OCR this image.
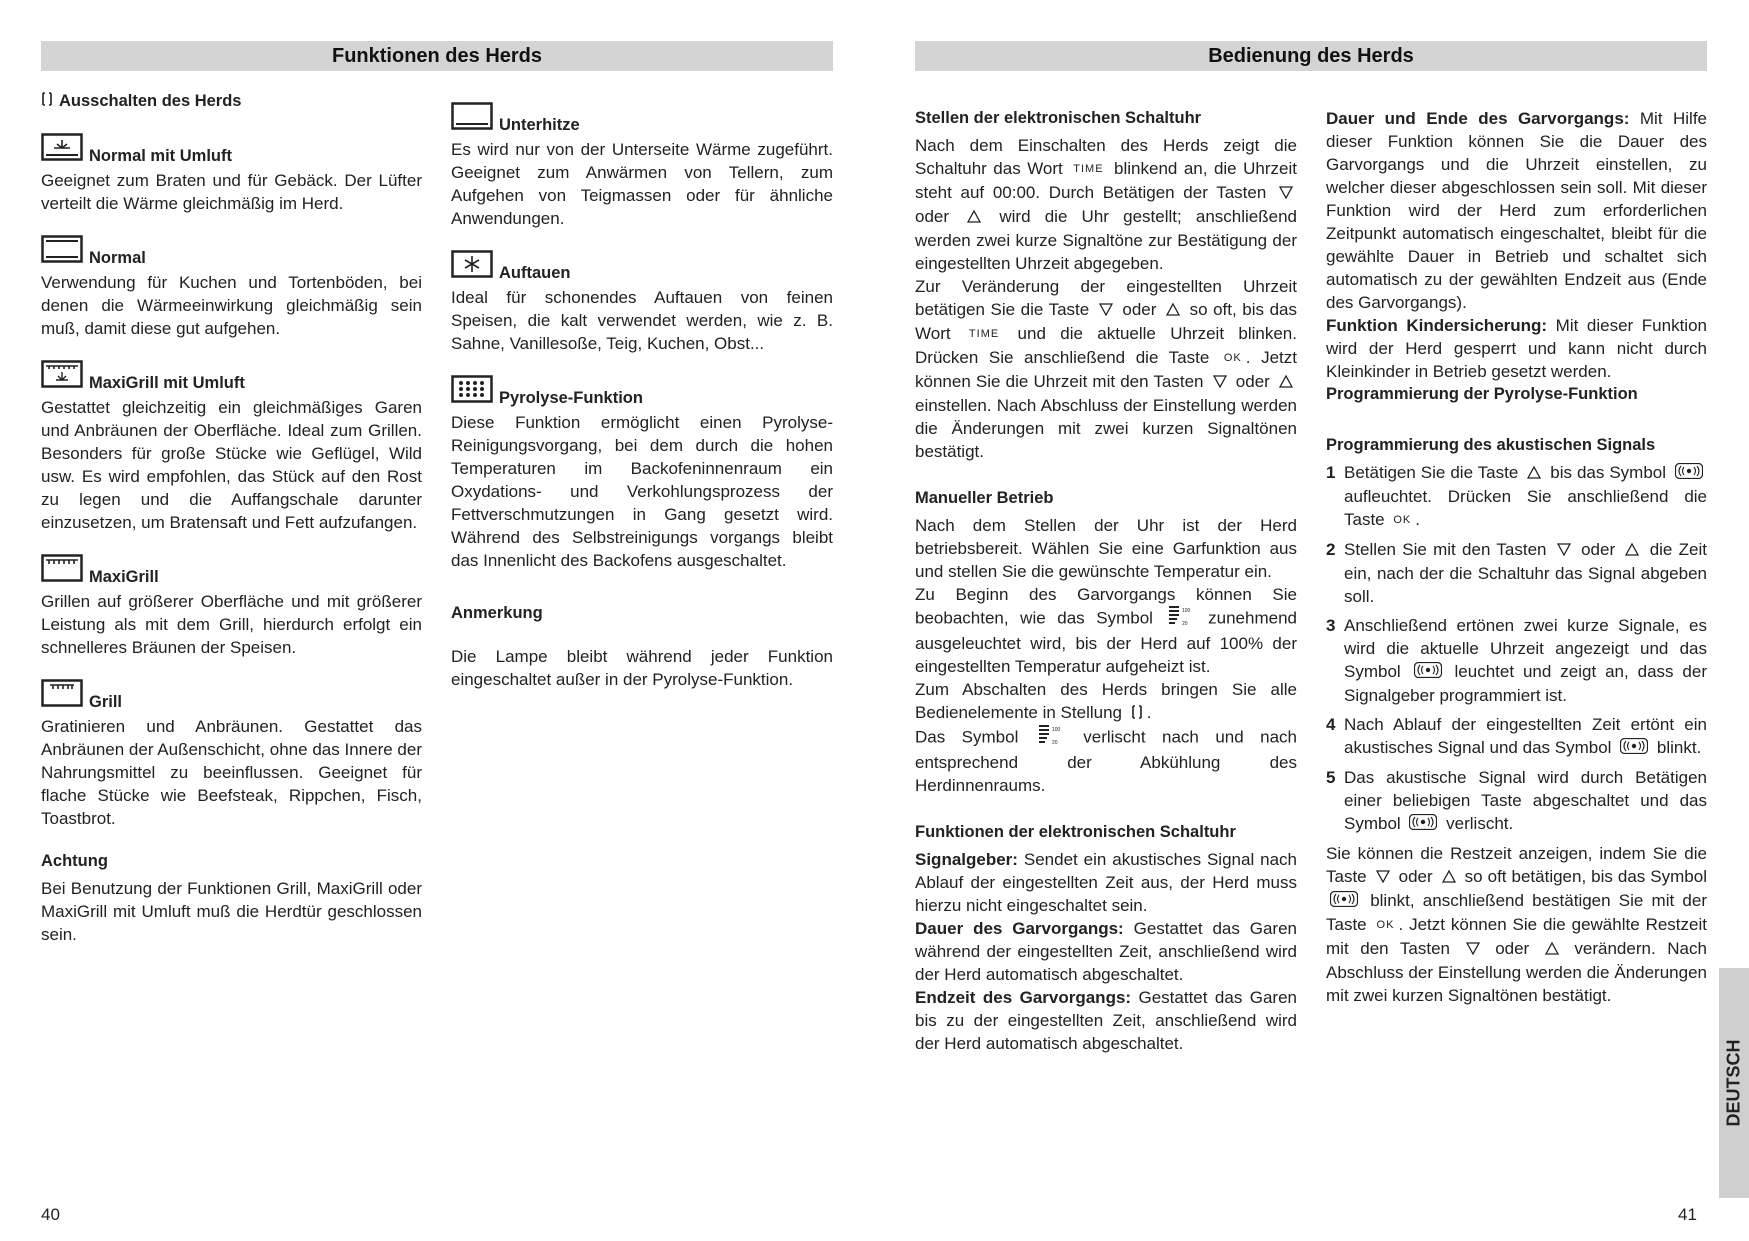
Funktionen des Herds
Ausschalten des Herds
Normal mit Umluft

Geeignet zum Braten und für Gebäck. Der Lüfter verteilt die Wärme gleichmäßig im Herd.

Normal

Verwendung für Kuchen und Tortenböden, bei denen die Wärmeeinwirkung gleichmäßig sein muß, damit diese gut aufgehen.

MaxiGrill mit Umluft

Gestattet gleichzeitig ein gleichmäßiges Garen und Anbräunen der Oberfläche. Ideal zum Grillen. Besonders für große Stücke wie Geflügel, Wild usw. Es wird empfohlen, das Stück auf den Rost zu legen und die Auffangschale darunter einzusetzen, um Bratensaft und Fett aufzufangen.

MaxiGrill

Grillen auf größerer Oberfläche und mit größerer Leistung als mit dem Grill, hierdurch erfolgt ein schnelleres Bräunen der Speisen.

Grill

Gratinieren und Anbräunen. Gestattet das Anbräunen der Außenschicht, ohne das Innere der Nahrungsmittel zu beeinflussen. Geeignet für flache Stücke wie Beefsteak, Rippchen, Fisch, Toastbrot.

Achtung

Bei Benutzung der Funktionen Grill, MaxiGrill oder MaxiGrill mit Umluft muß die Herdtür geschlossen sein.

Unterhitze

Es wird nur von der Unterseite Wärme zugeführt. Geeignet zum Anwärmen von Tellern, zum Aufgehen von Teigmassen oder für ähnliche Anwendungen.

Auftauen

Ideal für schonendes Auftauen von feinen Speisen, die kalt verwendet werden, wie z. B. Sahne, Vanillesoße, Teig, Kuchen, Obst...

Pyrolyse-Funktion

Diese Funktion ermöglicht einen Pyrolyse-Reinigungsvorgang, bei dem durch die hohen Temperaturen im Backofeninnenraum ein Oxydations- und Verkohlungsprozess der Fettverschmutzungen in Gang gesetzt wird. Während des Selbstreinigungs vorgangs bleibt das Innenlicht des Backofens ausgeschaltet.

Anmerkung

Die Lampe bleibt während jeder Funktion eingeschaltet außer in der Pyrolyse-Funktion.

40
Bedienung des Herds
Stellen der elektronischen Schaltuhr

Nach dem Einschalten des Herds zeigt die Schaltuhr das Wort TIME blinkend an, die Uhrzeit steht auf 00:00. Durch Betätigen der Tasten  oder	wird die Uhr gestellt; anschließend werden zwei kurze Signaltöne zur Bestätigung der eingestellten Uhrzeit abgegeben.

Zur Veränderung der eingestellten Uhrzeit betätigen Sie die Taste oder so oft, bis das Wort TIME und die aktuelle Uhrzeit blinken. Drücken Sie anschließend die Taste OK . Jetzt können Sie die Uhrzeit mit den Tasten oder  einstellen. Nach Abschluss der Einstellung werden die Änderungen mit zwei kurzen Signaltönen bestätigt.

Manueller Betrieb

Nach dem Stellen der Uhr ist der Herd betriebsbereit. Wählen Sie eine Garfunktion aus und stellen Sie die gewünschte Temperatur ein.

Zu Beginn des Garvorgangs können Sie beobachten, wie das Symbol	zunehmend ausgeleuchtet wird, bis der Herd auf 100% der eingestellten Temperatur aufgeheizt ist.

Zum Abschalten des Herds bringen Sie alle Bedienelemente in Stellung .

Das Symbol	verlischt nach und nach entsprechend der Abkühlung des Herdinnenraums.

Funktionen der elektronischen Schaltuhr

Signalgeber: Sendet ein akustisches Signal nach Ablauf der eingestellten Zeit aus, der Herd muss hierzu nicht eingeschaltet sein.

Dauer des Garvorgangs: Gestattet das Garen während der eingestellten Zeit, anschließend wird der Herd automatisch abgeschaltet.

Endzeit des Garvorgangs: Gestattet das Garen bis zu der eingestellten Zeit, anschließend wird der Herd automatisch abgeschaltet.

Dauer und Ende des Garvorgangs: Mit Hilfe dieser Funktion können Sie die Dauer des Garvorgangs und die Uhrzeit einstellen, zu welcher dieser abgeschlossen sein soll. Mit dieser Funktion wird der Herd zum erforderlichen Zeitpunkt automatisch eingeschaltet, bleibt für die gewählte Dauer in Betrieb und schaltet sich automatisch zu der gewählten Endzeit aus (Ende des Garvorgangs).

Funktion Kindersicherung: Mit dieser Funktion wird der Herd gesperrt und kann nicht durch Kleinkinder in Betrieb gesetzt werden.

Programmierung der Pyrolyse-Funktion
Programmierung des akustischen Signals
1 Betätigen Sie die Taste bis das Symbol  aufleuchtet. Drücken Sie anschließend die Taste OK .
2 Stellen Sie mit den Tasten oder die Zeit ein, nach der die Schaltuhr das Signal abgeben soll.
3 Anschließend ertönen zwei kurze Signale, es wird die aktuelle Uhrzeit angezeigt und das Symbol	leuchtet und zeigt an, dass der Signalgeber programmiert ist.
4 Nach Ablauf der eingestellten Zeit ertönt ein akustisches Signal und das Symbol	blinkt.
5 Das akustische Signal wird durch Betätigen einer beliebigen Taste abgeschaltet und das Symbol	verlischt.

Sie können die Restzeit anzeigen, indem Sie die Taste oder so oft betätigen, bis das Symbol  blinkt, anschließend bestätigen Sie mit der Taste OK . Jetzt können Sie die gewählte Restzeit mit den Tasten	oder	verändern. Nach Abschluss der Einstellung werden die Änderungen mit zwei kurzen Signaltönen bestätigt.

41
DEUTSCH
